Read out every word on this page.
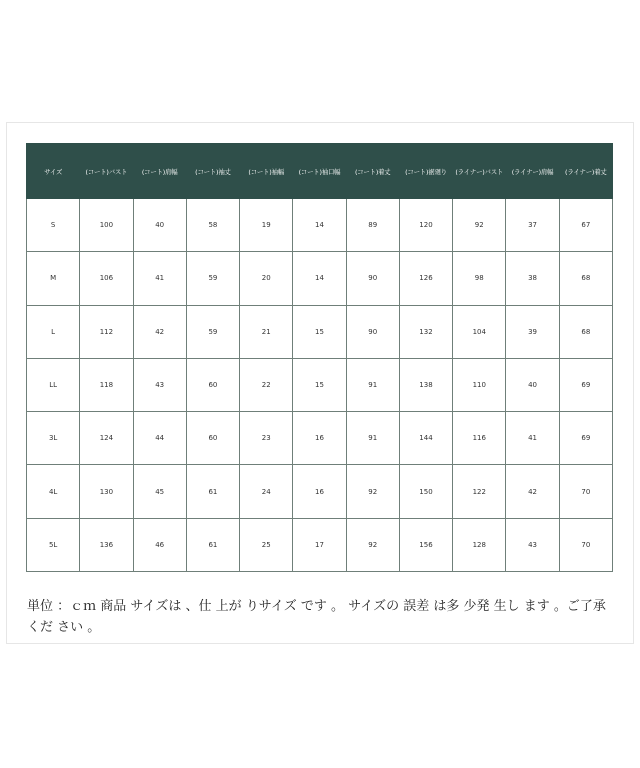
サイズ	(コート)バスト	(コート)肩幅	(コート)袖丈	(コート)袖幅	(コート)袖口幅	(コート)着丈	(コート)裾廻り	(ライナー)バスト	(ライナー)肩幅	(ライナー)着丈
S	100	40	58	19	14	89	120	92	37	67
M	106	41	59	20	14	90	126	98	38	68
L	112	42	59	21	15	90	132	104	39	68
LL	118	43	60	22	15	91	138	110	40	69
3L	124	44	60	23	16	91	144	116	41	69
4L	130	45	61	24	16	92	150	122	42	70
5L	136	46	61	25	17	92	156	128	43	70
単位 ：ｃｍ 商品 サイズは 、仕 上が りサイズ です 。 サイズの 誤差 は多 少発 生し ます 。ご了承 くだ さい 。
